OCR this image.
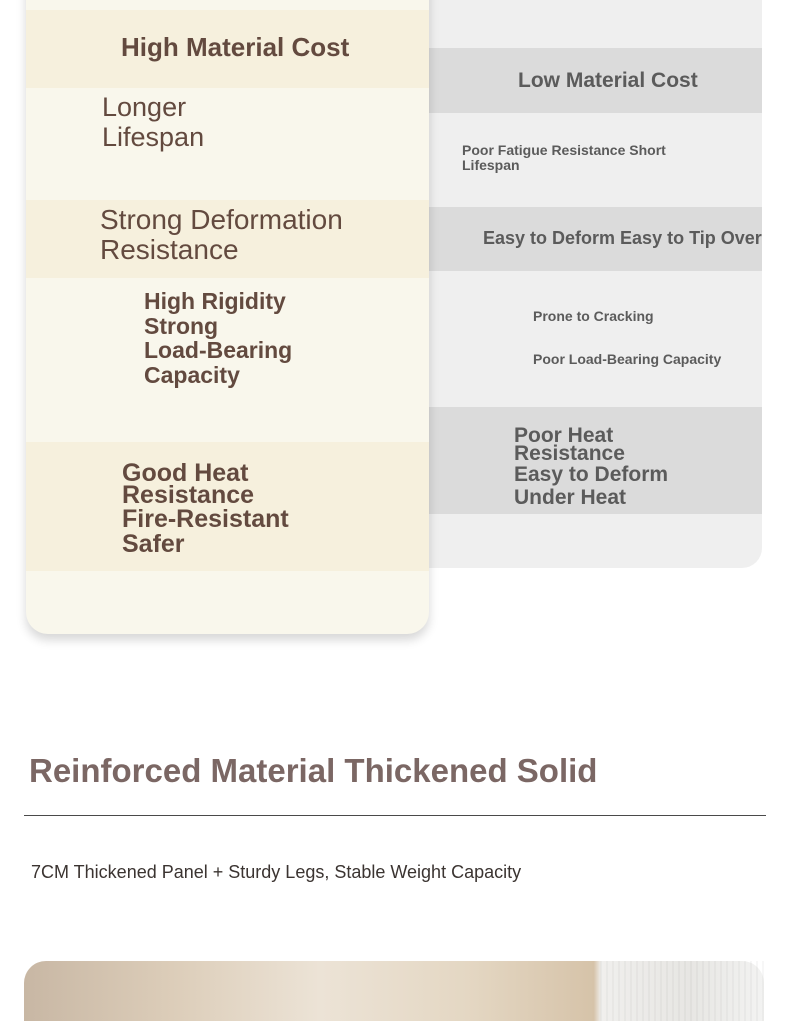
Low Material Cost
Poor Fatigue Resistance Short
Lifespan
Easy to Deform Easy to Tip Over
Prone to Cracking
Poor Load-Bearing Capacity
Poor Heat
Resistance
Easy to Deform
Under Heat
High Material Cost
Longer
Lifespan
Strong Deformation
Resistance
High Rigidity
Strong
Load-Bearing
Capacity
Good Heat
Resistance
Fire-Resistant
Safer
Reinforced Material Thickened Solid
7CM Thickened Panel + Sturdy Legs, Stable Weight Capacity
